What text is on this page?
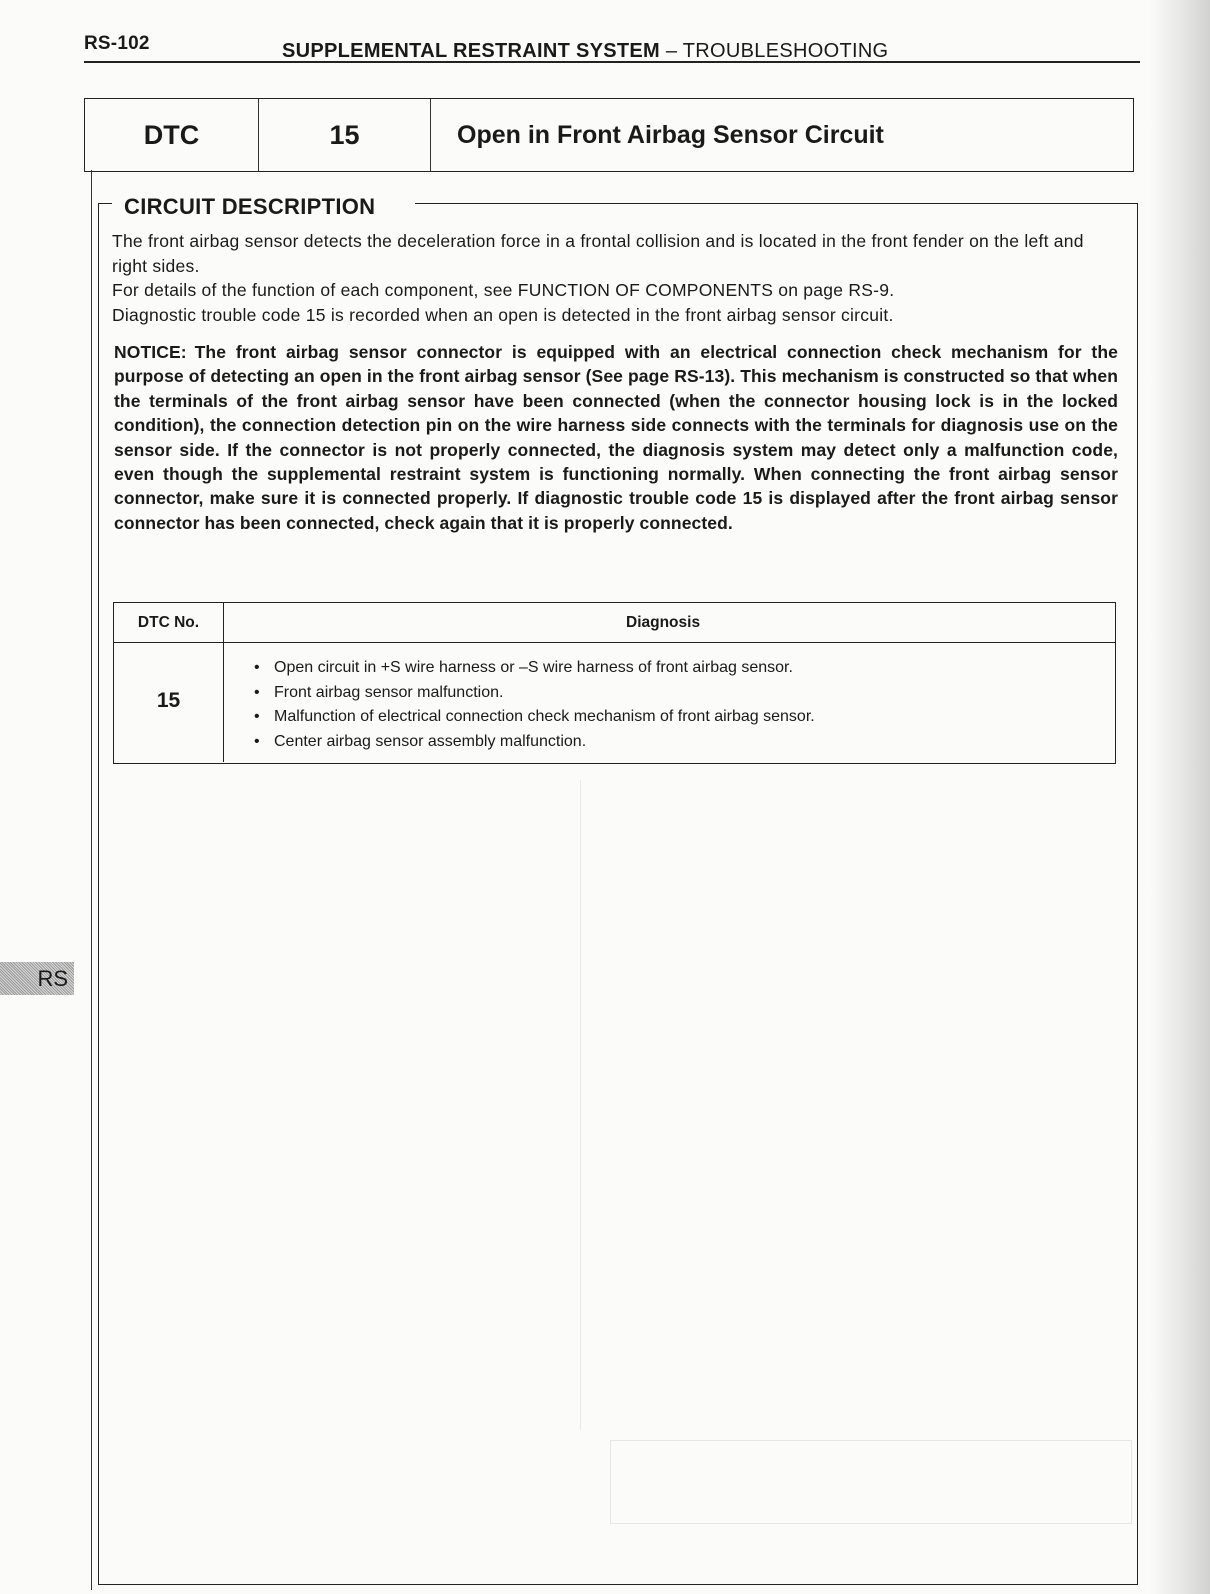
RS-102	SUPPLEMENTAL RESTRAINT SYSTEM – TROUBLESHOOTING
DTC	15	Open in Front Airbag Sensor Circuit
CIRCUIT DESCRIPTION

The front airbag sensor detects the deceleration force in a frontal collision and is located in the front fender on the left and right sides.

For details of the function of each component, see FUNCTION OF COMPONENTS on page RS-9.

Diagnostic trouble code 15 is recorded when an open is detected in the front airbag sensor circuit.

NOTICE: The front airbag sensor connector is equipped with an electrical connection check mechanism for the purpose of detecting an open in the front airbag sensor (See page RS-13). This mechanism is constructed so that when the terminals of the front airbag sensor have been connected (when the connector housing lock is in the locked condition), the connection detection pin on the wire harness side connects with the terminals for diagnosis use on the sensor side. If the connector is not properly connected, the diagnosis system may detect only a malfunction code, even though the supplemental restraint system is functioning normally. When connecting the front airbag sensor connector, make sure it is connected properly. If diagnostic trouble code 15 is displayed after the front airbag sensor connector has been connected, check again that it is properly connected.
DTC No.	Diagnosis
15
• Open circuit in +S wire harness or –S wire harness of front airbag sensor.
• Front airbag sensor malfunction.
• Malfunction of electrical connection check mechanism of front airbag sensor.
• Center airbag sensor assembly malfunction.
RS
